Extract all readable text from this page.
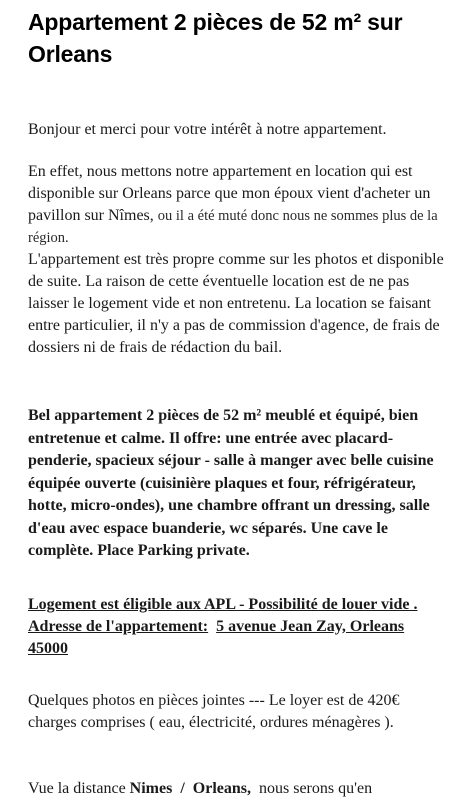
Appartement 2 pièces de 52 m² sur Orleans

Bonjour et merci pour votre intérêt à notre appartement.

En effet, nous mettons notre appartement en location qui est disponible sur Orleans parce que mon époux vient d'acheter un pavillon sur Nîmes, ou il a été muté donc nous ne sommes plus de la région.
L'appartement est très propre comme sur les photos et disponible de suite. La raison de cette éventuelle location est de ne pas laisser le logement vide et non entretenu. La location se faisant entre particulier, il n'y a pas de commission d'agence, de frais de dossiers ni de frais de rédaction du bail.

Bel appartement 2 pièces de 52 m² meublé et équipé, bien entretenue et calme. Il offre: une entrée avec placard-penderie, spacieux séjour - salle à manger avec belle cuisine équipée ouverte (cuisinière plaques et four, réfrigérateur, hotte, micro-ondes), une chambre offrant un dressing, salle d'eau avec espace buanderie, wc séparés. Une cave le complète. Place Parking private.

Logement est éligible aux APL - Possibilité de louer vide .
Adresse de l'appartement: 5 avenue Jean Zay, Orleans 45000

Quelques photos en pièces jointes --- Le loyer est de 420€ charges comprises ( eau, électricité, ordures ménagères ).

Vue la distance Nimes / Orleans, nous serons qu'en
